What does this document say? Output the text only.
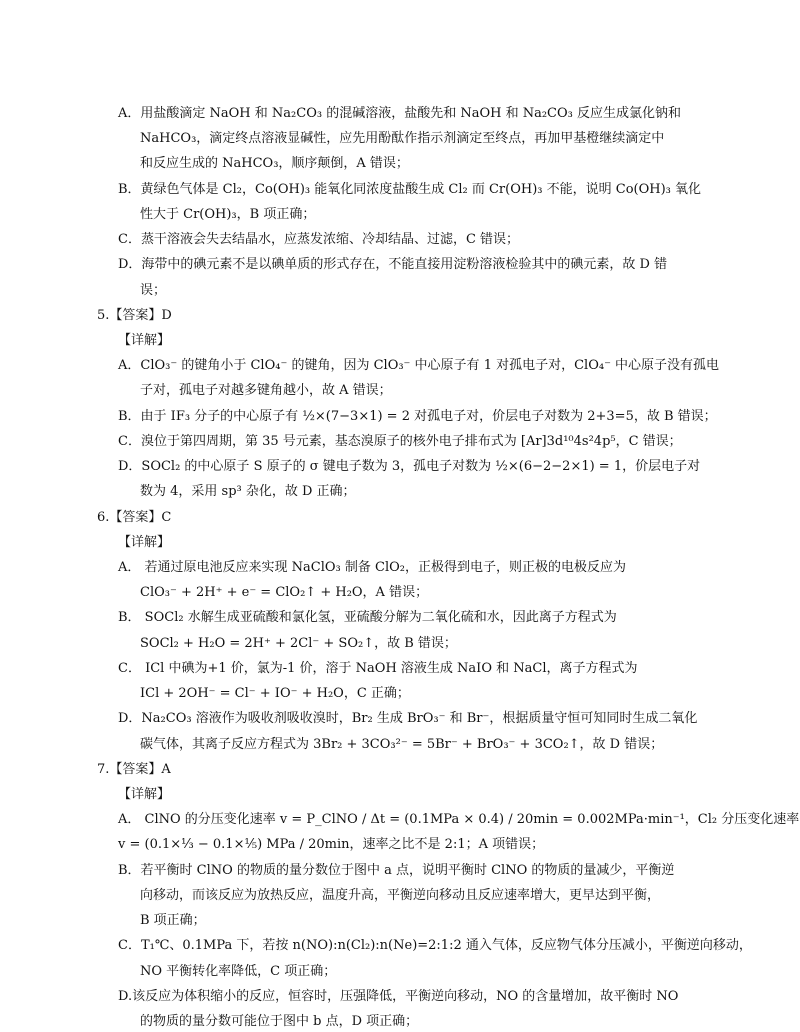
A．用盐酸滴定 NaOH 和 Na₂CO₃ 的混碱溶液，盐酸先和 NaOH 和 Na₂CO₃ 反应生成氯化钠和
NaHCO₃，滴定终点溶液显碱性，应先用酚酞作指示剂滴定至终点，再加甲基橙继续滴定中
和反应生成的 NaHCO₃，顺序颠倒，A 错误；
B．黄绿色气体是 Cl₂，Co(OH)₃ 能氧化同浓度盐酸生成 Cl₂ 而 Cr(OH)₃ 不能，说明 Co(OH)₃ 氧化
性大于 Cr(OH)₃，B 项正确；
C．蒸干溶液会失去结晶水，应蒸发浓缩、冷却结晶、过滤，C 错误；
D．海带中的碘元素不是以碘单质的形式存在，不能直接用淀粉溶液检验其中的碘元素，故 D 错
误；
5.【答案】D
【详解】
A．ClO₃⁻ 的键角小于 ClO₄⁻ 的键角，因为 ClO₃⁻ 中心原子有 1 对孤电子对，ClO₄⁻ 中心原子没有孤电
子对，孤电子对越多键角越小，故 A 错误；
B．由于 IF₃ 分子的中心原子有 ½×(7−3×1) = 2 对孤电子对，价层电子对数为 2+3=5，故 B 错误；
C．溴位于第四周期，第 35 号元素，基态溴原子的核外电子排布式为 [Ar]3d¹⁰4s²4p⁵，C 错误；
D．SOCl₂ 的中心原子 S 原子的 σ 键电子数为 3，孤电子对数为 ½×(6−2−2×1) = 1，价层电子对
数为 4，采用 sp³ 杂化，故 D 正确；
6.【答案】C
【详解】
A． 若通过原电池反应来实现 NaClO₃ 制备 ClO₂，正极得到电子，则正极的电极反应为
ClO₃⁻ + 2H⁺ + e⁻ = ClO₂↑ + H₂O，A 错误；
B． SOCl₂ 水解生成亚硫酸和氯化氢，亚硫酸分解为二氧化硫和水，因此离子方程式为
SOCl₂ + H₂O = 2H⁺ + 2Cl⁻ + SO₂↑，故 B 错误；
C． ICl 中碘为+1 价，氯为-1 价，溶于 NaOH 溶液生成 NaIO 和 NaCl，离子方程式为
ICl + 2OH⁻ = Cl⁻ + IO⁻ + H₂O，C 正确；
D．Na₂CO₃ 溶液作为吸收剂吸收溴时，Br₂ 生成 BrO₃⁻ 和 Br⁻，根据质量守恒可知同时生成二氧化
碳气体，其离子反应方程式为 3Br₂ + 3CO₃²⁻ = 5Br⁻ + BrO₃⁻ + 3CO₂↑，故 D 错误；
7.【答案】A
【详解】
A． ClNO 的分压变化速率 v = P_ClNO / Δt = (0.1MPa × 0.4) / 20min = 0.002MPa·min⁻¹，Cl₂ 分压变化速率
v = (0.1×⅓ − 0.1×⅕) MPa / 20min，速率之比不是 2:1；A 项错误；
B．若平衡时 ClNO 的物质的量分数位于图中 a 点，说明平衡时 ClNO 的物质的量减少，平衡逆
向移动，而该反应为放热反应，温度升高，平衡逆向移动且反应速率增大，更早达到平衡，
B 项正确；
C．T₁℃、0.1MPa 下，若按 n(NO):n(Cl₂):n(Ne)=2:1:2 通入气体，反应物气体分压减小，平衡逆向移动，
NO 平衡转化率降低，C 项正确；
D.该反应为体积缩小的反应，恒容时，压强降低，平衡逆向移动，NO 的含量增加，故平衡时 NO
的物质的量分数可能位于图中 b 点，D 项正确；
